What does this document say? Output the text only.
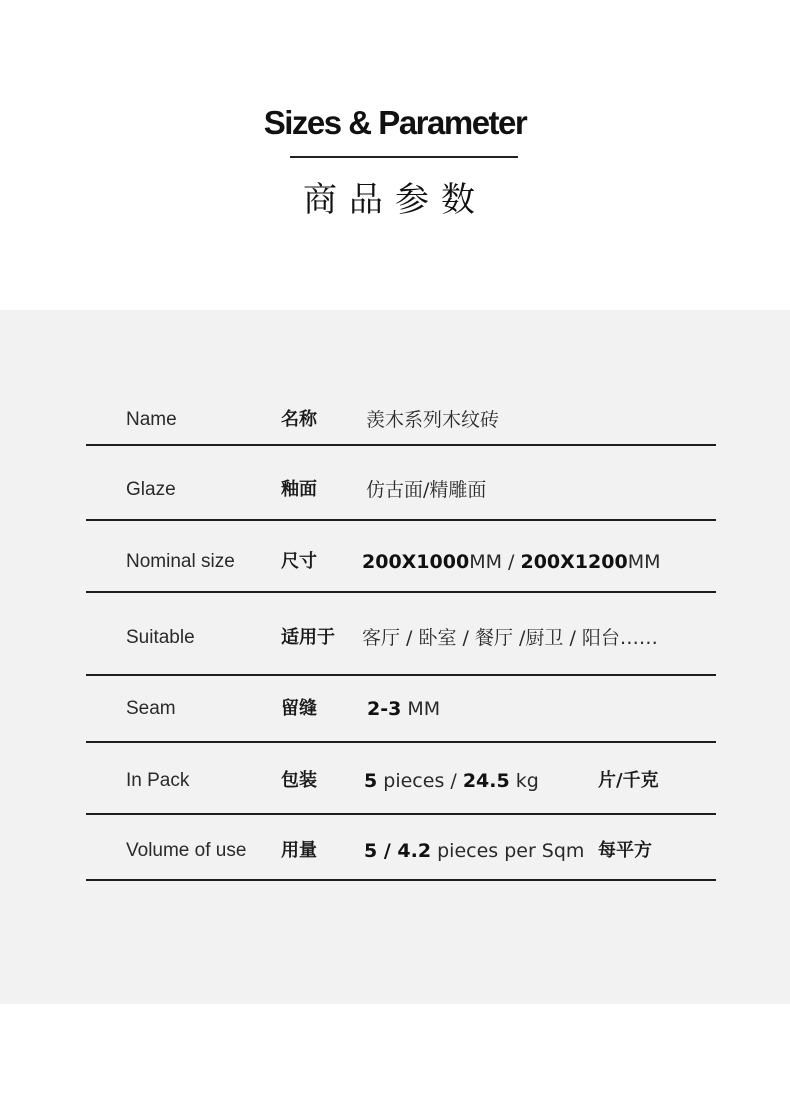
Sizes & Parameter
商品参数
Name	名称	羡木系列木纹砖
Glaze	釉面	仿古面/精雕面
Nominal size	尺寸 200X1000MM / 200X1200MM
Suitable	适用于 客厅 / 卧室 / 餐厅 /厨卫 / 阳台……
Seam	留缝	2-3 MM
In Pack	包装 5 pieces / 24.5 kg	片/千克
Volume of use 用量 5 / 4.2 pieces per Sqm 每平方
